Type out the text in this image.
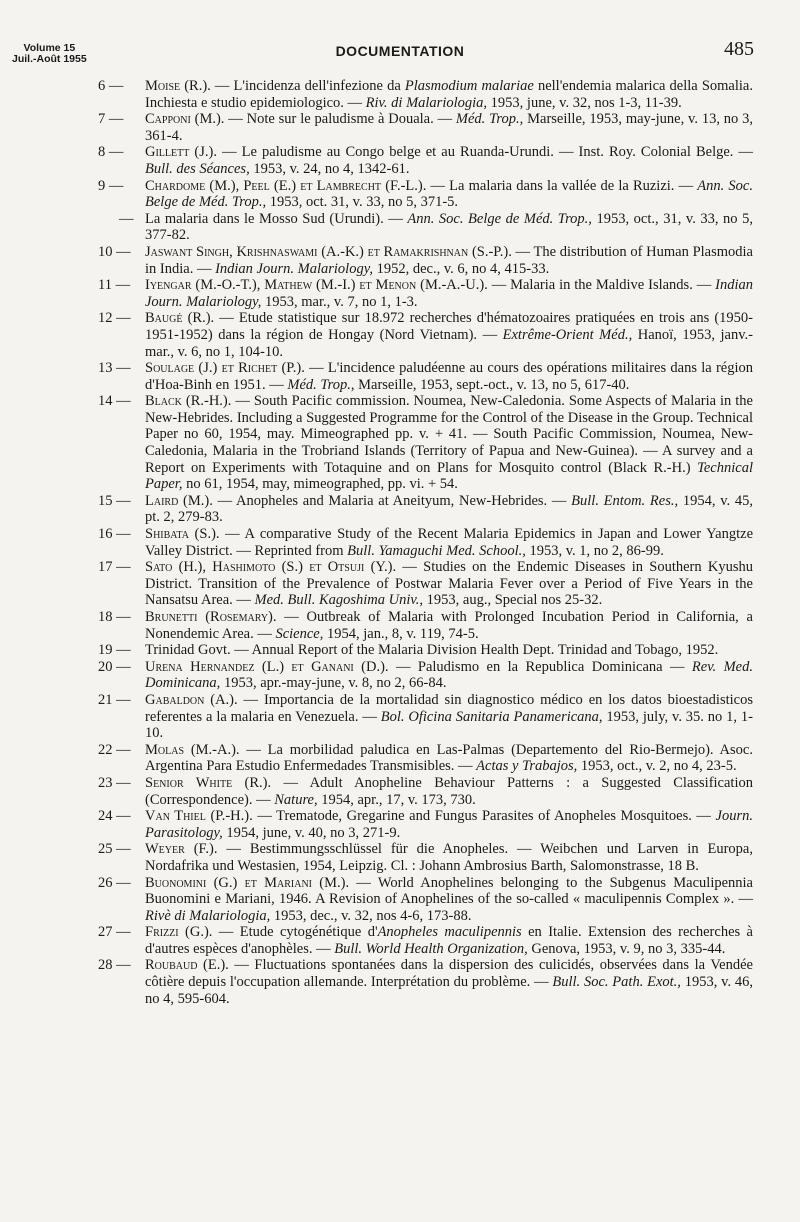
Volume 15
Juil.-Août 1955	DOCUMENTATION	485
6 —	Moise (R.). — L'incidenza dell'infezione da Plasmodium malariae nell'endemia malarica della Somalia. Inchiesta e studio epidemiologico. — Riv. di Malariologia, 1953, june, v. 32, nos 1-3, 11-39.
7 —	Capponi (M.). — Note sur le paludisme à Douala. — Méd. Trop., Marseille, 1953, may-june, v. 13, no 3, 361-4.
8 —	Gillett (J.). — Le paludisme au Congo belge et au Ruanda-Urundi. — Inst. Roy. Colonial Belge. — Bull. des Séances, 1953, v. 24, no 4, 1342-61.
9 —	Chardome (M.), Peel (E.) et Lambrecht (F.-L.). — La malaria dans la vallée de la Ruzizi. — Ann. Soc. Belge de Méd. Trop., 1953, oct. 31, v. 33, no 5, 371-5.
— La malaria dans le Mosso Sud (Urundi). — Ann. Soc. Belge de Méd. Trop., 1953, oct., 31, v. 33, no 5, 377-82.
10 — Jaswant Singh, Krishnaswami (A.-K.) et Ramakrishnan (S.-P.). — The distribution of Human Plasmodia in India. — Indian Journ. Malariology, 1952, dec., v. 6, no 4, 415-33.
11 —	Iyengar (M.-O.-T.), Mathew (M.-I.) et Menon (M.-A.-U.). — Malaria in the Maldive Islands. — Indian Journ. Malariology, 1953, mar., v. 7, no 1, 1-3.
12 — Baugé (R.). — Etude statistique sur 18.972 recherches d'hématozoaires pratiquées en trois ans (1950-1951-1952) dans la région de Hongay (Nord Vietnam). — Extrême-Orient Méd., Hanoï, 1953, janv.-mar., v. 6, no 1, 104-10.
13 — Soulage (J.) et Richet (P.). — L'incidence paludéenne au cours des opérations militaires dans la région d'Hoa-Binh en 1951. — Méd. Trop., Marseille, 1953, sept.-oct., v. 13, no 5, 617-40.
14 — Black (R.-H.). — South Pacific commission. Noumea, New-Caledonia. Some Aspects of Malaria in the New-Hebrides. Including a Suggested Programme for the Control of the Disease in the Group. Technical Paper no 60, 1954, may. Mimeographed pp. v. + 41. — South Pacific Commission, Noumea, New-Caledonia, Malaria in the Trobriand Islands (Territory of Papua and New-Guinea). — A survey and a Report on Experiments with Totaquine and on Plans for Mosquito control (Black R.-H.) Technical Paper, no 61, 1954, may, mimeographed, pp. vi. + 54.
15 — Laird (M.). — Anopheles and Malaria at Aneityum, New-Hebrides. — Bull. Entom. Res., 1954, v. 45, pt. 2, 279-83.
16 — Shibata (S.). — A comparative Study of the Recent Malaria Epidemics in Japan and Lower Yangtze Valley District. — Reprinted from Bull. Yamaguchi Med. School., 1953, v. 1, no 2, 86-99.
17 — Sato (H.), Hashimoto (S.) et Otsuji (Y.). — Studies on the Endemic Diseases in Southern Kyushu District. Transition of the Prevalence of Postwar Malaria Fever over a Period of Five Years in the Nansatsu Area. — Med. Bull. Kagoshima Univ., 1953, aug., Special nos 25-32.
18 — Brunetti (Rosemary). — Outbreak of Malaria with Prolonged Incubation Period in California, a Nonendemic Area. — Science, 1954, jan., 8, v. 119, 74-5.
19 — Trinidad Govt. — Annual Report of the Malaria Division Health Dept. Trinidad and Tobago, 1952.
20 — Urena Hernandez (L.) et Ganani (D.). — Paludismo en la Republica Dominicana — Rev. Med. Dominicana, 1953, apr.-may-june, v. 8, no 2, 66-84.
21 — Gabaldon (A.). — Importancia de la mortalidad sin diagnostico médico en los datos bioestadisticos referentes a la malaria en Venezuela. — Bol. Oficina Sanitaria Panamericana, 1953, july, v. 35. no 1, 1-10.
22 — Molas (M.-A.). — La morbilidad paludica en Las-Palmas (Departemento del Rio-Bermejo). Asoc. Argentina Para Estudio Enfermedades Transmisibles. — Actas y Trabajos, 1953, oct., v. 2, no 4, 23-5.
23 — Senior White (R.). — Adult Anopheline Behaviour Patterns : a Suggested Classification (Correspondence). — Nature, 1954, apr., 17, v. 173, 730.
24 — Van Thiel (P.-H.). — Trematode, Gregarine and Fungus Parasites of Anopheles Mosquitoes. — Journ. Parasitology, 1954, june, v. 40, no 3, 271-9.
25 — Weyer (F.). — Bestimmungsschlüssel für die Anopheles. — Weibchen und Larven in Europa, Nordafrika und Westasien, 1954, Leipzig. Cl. : Johann Ambrosius Barth, Salomonstrasse, 18 B.
26 — Buonomini (G.) et Mariani (M.). — World Anophelines belonging to the Subgenus Maculipennia Buonomini e Mariani, 1946. A Revision of Anophelines of the so-called « maculipennis Complex ». — Rivè di Malariologia, 1953, dec., v. 32, nos 4-6, 173-88.
27 — Frizzi (G.). — Etude cytogénétique d'Anopheles maculipennis en Italie. Extension des recherches à d'autres espèces d'anophèles. — Bull. World Health Organization, Genova, 1953, v. 9, no 3, 335-44.
28 — Roubaud (E.). — Fluctuations spontanées dans la dispersion des culicidés, observées dans la Vendée côtière depuis l'occupation allemande. Interprétation du problème. — Bull. Soc. Path. Exot., 1953, v. 46, no 4, 595-604.
